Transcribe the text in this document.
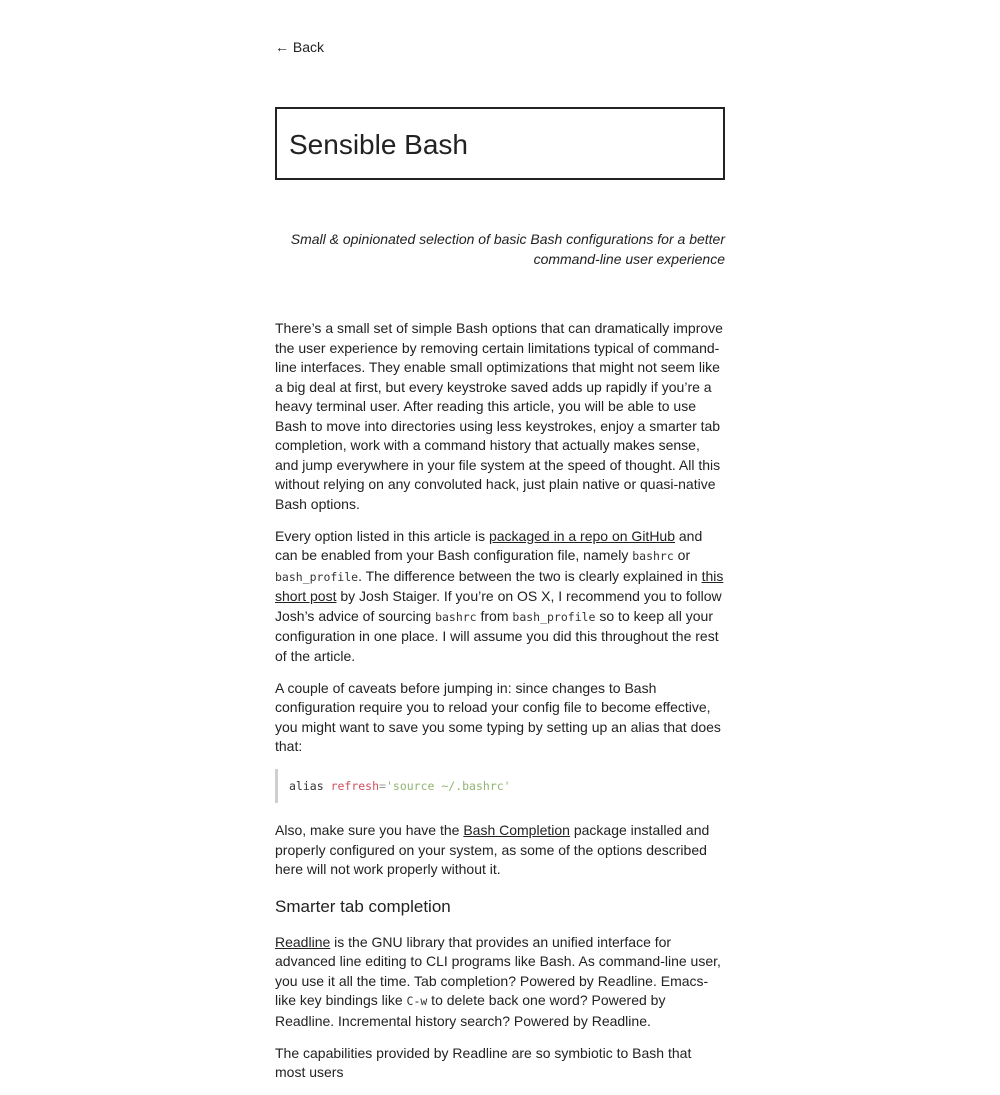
← Back
Sensible Bash

Small & opinionated selection of basic Bash configurations for a better command-line user experience

There’s a small set of simple Bash options that can dramatically improve the user experience by removing certain limitations typical of command-line interfaces. They enable small optimizations that might not seem like a big deal at first, but every keystroke saved adds up rapidly if you’re a heavy terminal user. After reading this article, you will be able to use Bash to move into directories using less keystrokes, enjoy a smarter tab completion, work with a command history that actually makes sense, and jump everywhere in your file system at the speed of thought. All this without relying on any convoluted hack, just plain native or quasi-native Bash options.

Every option listed in this article is packaged in a repo on GitHub and can be enabled from your Bash configuration file, namely bashrc or bash_profile. The difference between the two is clearly explained in this short post by Josh Staiger. If you’re on OS X, I recommend you to follow Josh’s advice of sourcing bashrc from bash_profile so to keep all your configuration in one place. I will assume you did this throughout the rest of the article.

A couple of caveats before jumping in: since changes to Bash configuration require you to reload your config file to become effective, you might want to save you some typing by setting up an alias that does that:

alias refresh='source ~/.bashrc'

Also, make sure you have the Bash Completion package installed and properly configured on your system, as some of the options described here will not work properly without it.

Smarter tab completion

Readline is the GNU library that provides an unified interface for advanced line editing to CLI programs like Bash. As command-line user, you use it all the time. Tab completion? Powered by Readline. Emacs-like key bindings like C-w to delete back one word? Powered by Readline. Incremental history search? Powered by Readline.

The capabilities provided by Readline are so symbiotic to Bash that most users
